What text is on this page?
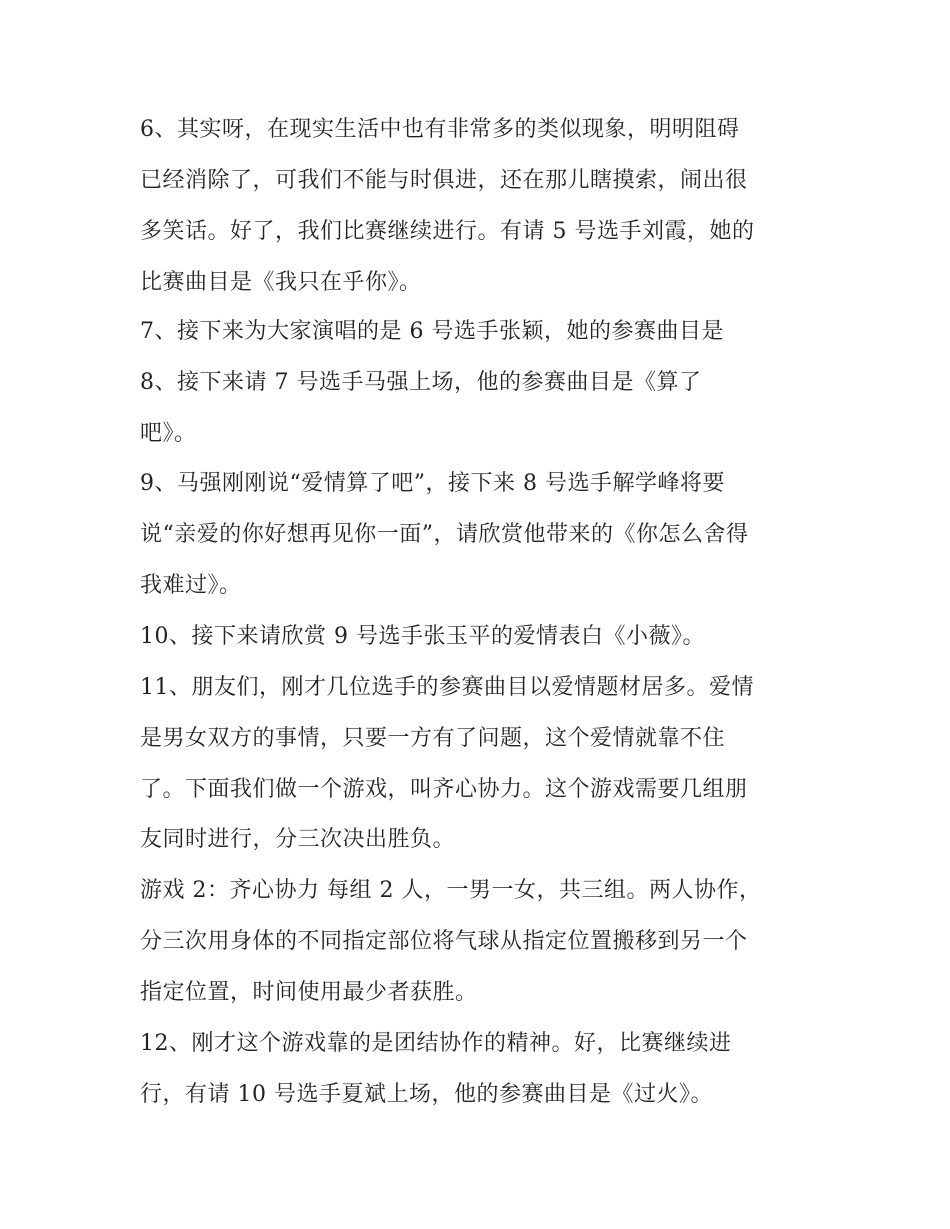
6、其实呀，在现实生活中也有非常多的类似现象，明明阻碍

已经消除了，可我们不能与时俱进，还在那儿瞎摸索，闹出很

多笑话。好了，我们比赛继续进行。有请 5 号选手刘霞，她的

比赛曲目是《我只在乎你》。

7、接下来为大家演唱的是 6 号选手张颖，她的参赛曲目是

8、接下来请 7 号选手马强上场，他的参赛曲目是《算了

吧》。

9、马强刚刚说“爱情算了吧”，接下来 8 号选手解学峰将要

说“亲爱的你好想再见你一面”，请欣赏他带来的《你怎么舍得

我难过》。

10、接下来请欣赏 9 号选手张玉平的爱情表白《小薇》。

11、朋友们，刚才几位选手的参赛曲目以爱情题材居多。爱情

是男女双方的事情，只要一方有了问题，这个爱情就靠不住

了。下面我们做一个游戏，叫齐心协力。这个游戏需要几组朋

友同时进行，分三次决出胜负。

游戏 2：齐心协力 每组 2 人，一男一女，共三组。两人协作，

分三次用身体的不同指定部位将气球从指定位置搬移到另一个

指定位置，时间使用最少者获胜。

12、刚才这个游戏靠的是团结协作的精神。好，比赛继续进

行，有请 10 号选手夏斌上场，他的参赛曲目是《过火》。
